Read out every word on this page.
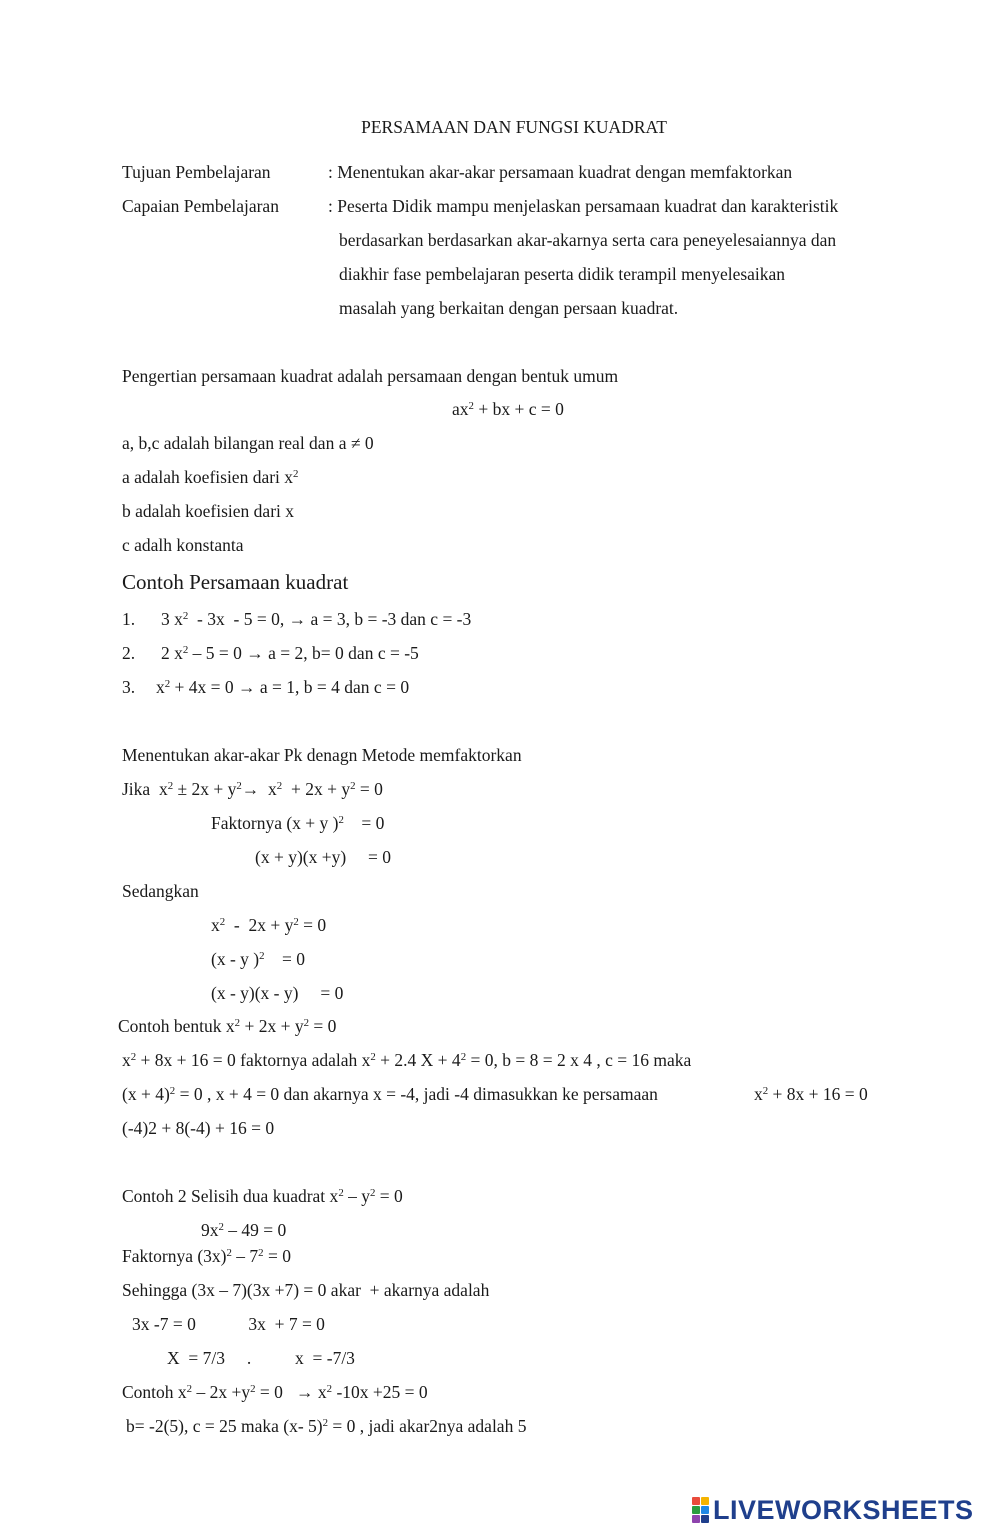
PERSAMAAN DAN FUNGSI KUADRAT
Tujuan Pembelajaran	: Menentukan akar-akar persamaan kuadrat dengan memfaktorkan
Capaian Pembelajaran	: Peserta Didik mampu menjelaskan persamaan kuadrat dan karakteristik
berdasarkan berdasarkan akar-akarnya serta cara peneyelesaiannya dan
diakhir fase pembelajaran peserta didik terampil menyelesaikan
masalah yang berkaitan dengan persaan kuadrat.
Pengertian persamaan kuadrat adalah persamaan dengan bentuk umum
$ax^2$ + bx + c = 0
a, b,c adalah bilangan real dan a ≠ 0
a adalah koefisien dari $x^2$
b adalah koefisien dari x
c adalh konstanta
Contoh Persamaan kuadrat
1. 3 $x^2 - 3x - 5 = 0$, → a = 3, b = -3 dan c = -3
2. 2 $x^2 - 5 = 0 \to a = 2$, b= 0 dan c = -5
3. $x^2 + 4x = 0 \to a = 1$, b = 4 dan c = 0
Menentukan akar-akar Pk denagn Metode memfaktorkan
Jika  $x^2 \pm 2x + y^2\to x^2 + 2x + y^2 = 0$
Faktornya (x + y )$^2$    = 0
(x + y)(x +y)     = 0
Sedangkan
$x^2 - 2x + y^2 = 0$
(x - y )$^2$    = 0
(x - y)(x - y)     = 0
Contoh bentuk $x^2 + 2x + y^2 = 0$
$x^2 + 8x + 16 = 0$ faktornya adalah $x^2 + 2.4$ $X + 4^2 = 0$, b = 8 = 2 x 4 , c = 16 maka
$(x + 4)^2 = 0$ , x + 4 = 0 dan akarnya x = -4, jadi -4 dimasukkan ke persamaan	$x^2 + 8x + 16 = 0$
(-4)2 + 8(-4) + 16 = 0
Contoh 2 Selisih dua kuadrat $x^2 - y^2 = 0$
$9x^2 - 49 = 0$
Faktornya $(3x)^2 - 7^2 = 0$
Sehingga (3x – 7)(3x +7) = 0 akar  + akarnya adalah
3x -7 = 0            3x  + 7 = 0
X  = 7/3     .          x  = -7/3
Contoh $x^2 - 2x +y^2 = 0 \to x^2$ -10x +25 = 0
b= -2(5), c = 25 maka (x- 5)$^2$ = 0 , jadi akar2nya adalah 5
LIVEWORKSHEETS
